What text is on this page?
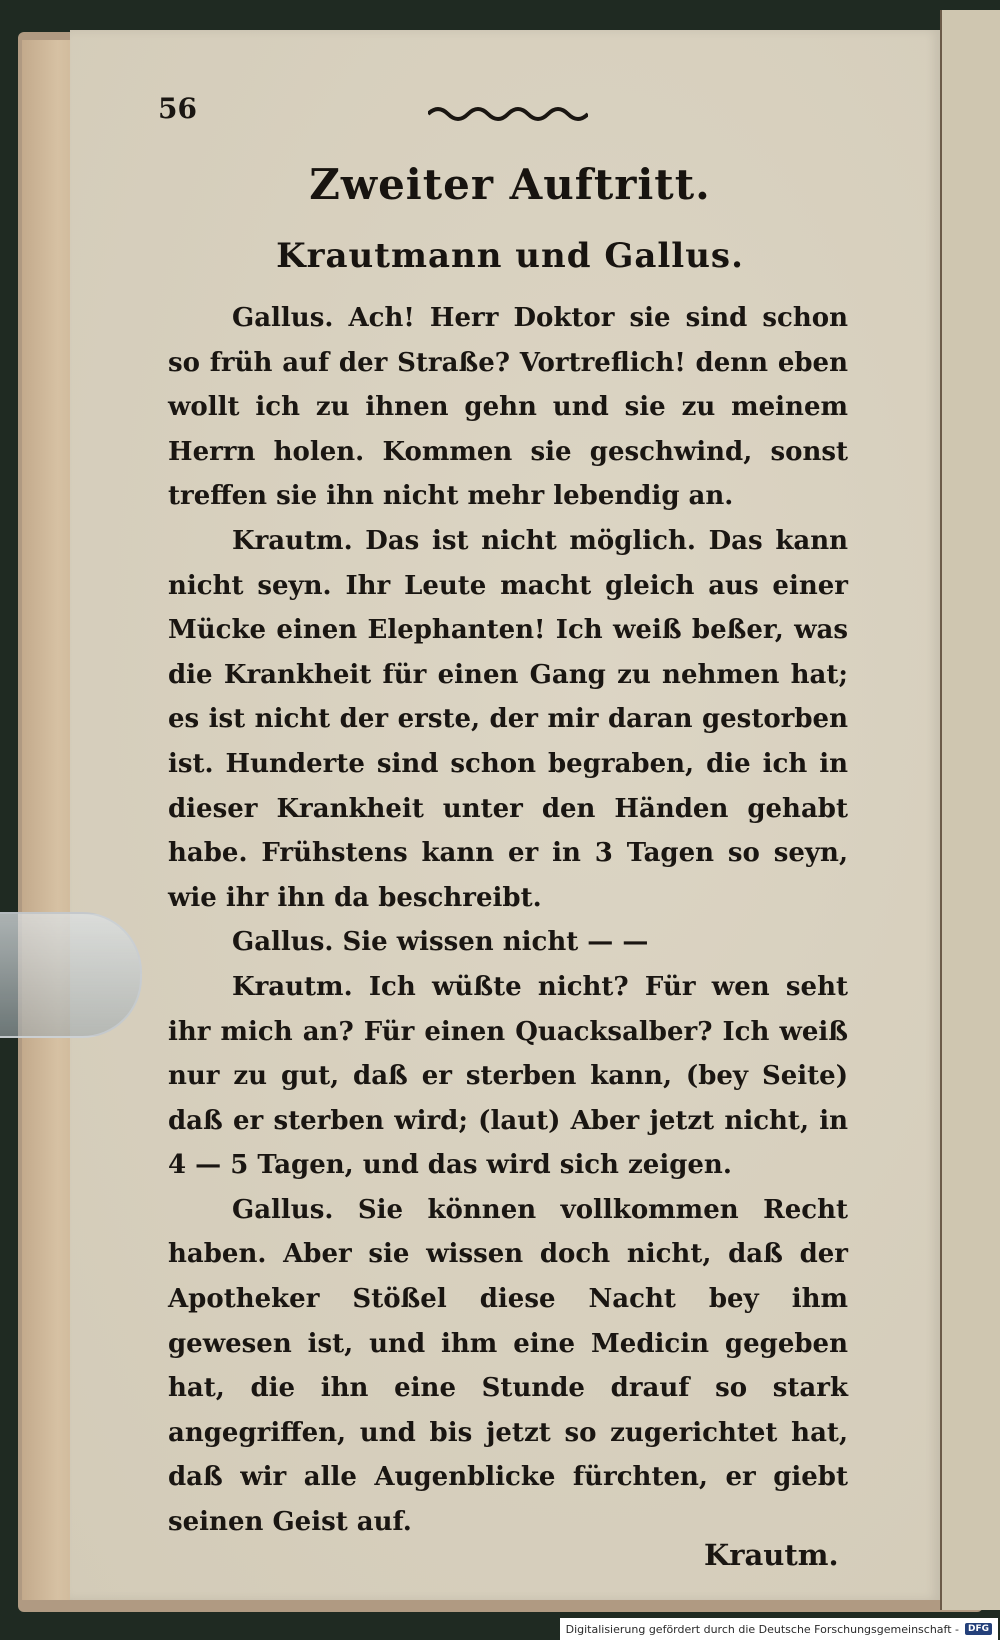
56
Zweiter Auftritt.
Krautmann und Gallus.

Gallus. Ach! Herr Doktor sie sind schon so früh auf der Straße? Vortreflich! denn eben wollt ich zu ihnen gehn und sie zu meinem Herrn holen. Kommen sie geschwind, sonst treffen sie ihn nicht mehr lebendig an.

Krautm. Das ist nicht möglich. Das kann nicht seyn. Ihr Leute macht gleich aus einer Mücke einen Elephanten! Ich weiß beßer, was die Krankheit für einen Gang zu nehmen hat; es ist nicht der erste, der mir daran gestorben ist. Hunderte sind schon begraben, die ich in dieser Krankheit unter den Händen gehabt habe. Frühstens kann er in 3 Tagen so seyn, wie ihr ihn da beschreibt.

Gallus. Sie wissen nicht — —

Krautm. Ich wüßte nicht? Für wen seht ihr mich an? Für einen Quacksalber? Ich weiß nur zu gut, daß er sterben kann, (bey Seite) daß er sterben wird; (laut) Aber jetzt nicht, in 4 — 5 Tagen, und das wird sich zeigen.

Gallus. Sie können vollkommen Recht haben. Aber sie wissen doch nicht, daß der Apotheker Stößel diese Nacht bey ihm gewesen ist, und ihm eine Medicin gegeben hat, die ihn eine Stunde drauf so stark angegriffen, und bis jetzt so zugerichtet hat, daß wir alle Augenblicke fürchten, er giebt seinen Geist auf.

Krautm.
Digitalisierung gefördert durch die Deutsche Forschungsgemeinschaft -	DFG
